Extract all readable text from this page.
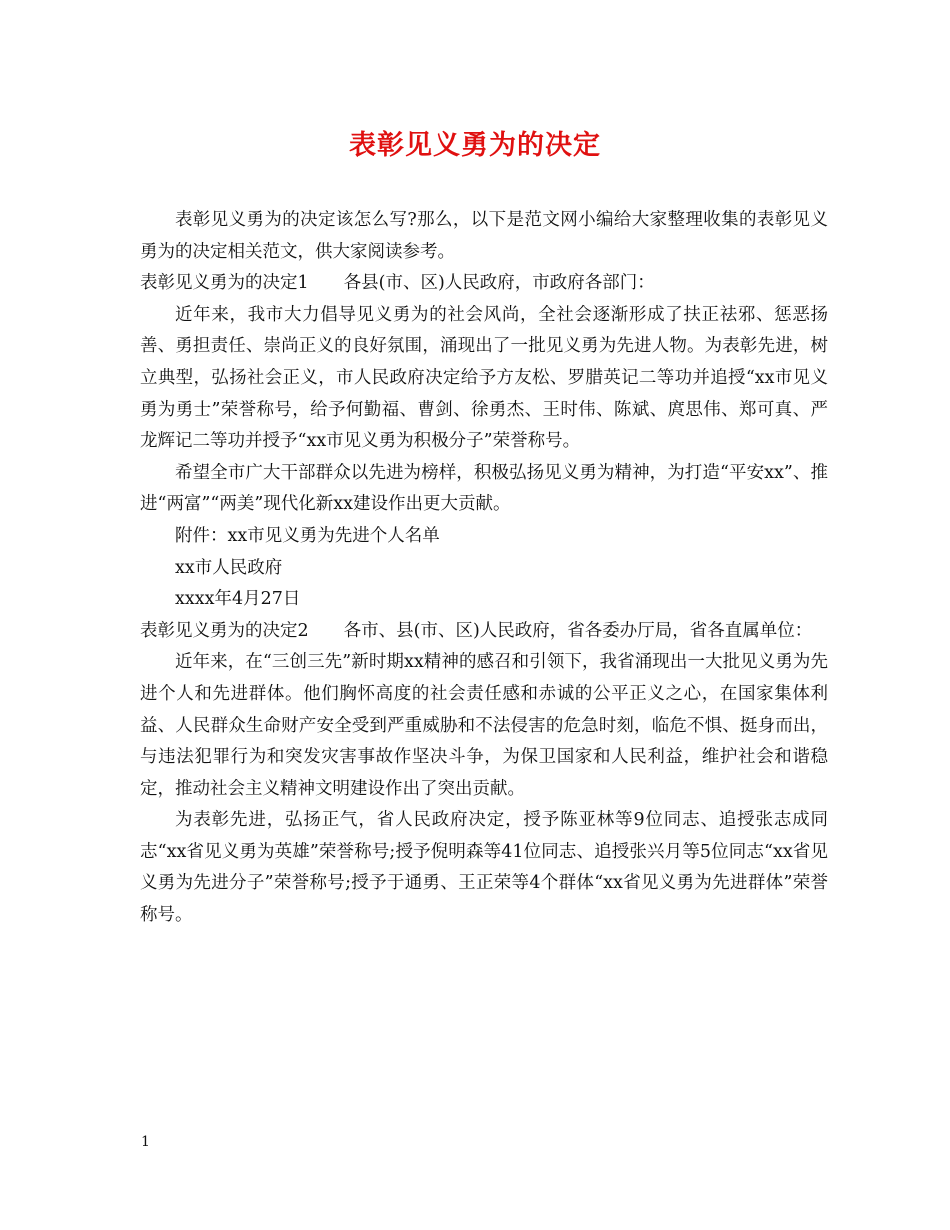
表彰见义勇为的决定

表彰见义勇为的决定该怎么写?那么，以下是范文网小编给大家整理收集的表彰见义勇为的决定相关范文，供大家阅读参考。

表彰见义勇为的决定1　　各县(市、区)人民政府，市政府各部门：

近年来，我市大力倡导见义勇为的社会风尚，全社会逐渐形成了扶正祛邪、惩恶扬善、勇担责任、崇尚正义的良好氛围，涌现出了一批见义勇为先进人物。为表彰先进，树立典型，弘扬社会正义，市人民政府决定给予方友松、罗腊英记二等功并追授“xx市见义勇为勇士”荣誉称号，给予何勤福、曹剑、徐勇杰、王时伟、陈斌、庹思伟、郑可真、严龙辉记二等功并授予“xx市见义勇为积极分子”荣誉称号。

希望全市广大干部群众以先进为榜样，积极弘扬见义勇为精神，为打造“平安xx”、推进“两富”“两美”现代化新xx建设作出更大贡献。

附件：xx市见义勇为先进个人名单

xx市人民政府

xxxx年4月27日

表彰见义勇为的决定2　　各市、县(市、区)人民政府，省各委办厅局，省各直属单位：

近年来，在“三创三先”新时期xx精神的感召和引领下，我省涌现出一大批见义勇为先进个人和先进群体。他们胸怀高度的社会责任感和赤诚的公平正义之心，在国家集体利益、人民群众生命财产安全受到严重威胁和不法侵害的危急时刻，临危不惧、挺身而出，与违法犯罪行为和突发灾害事故作坚决斗争，为保卫国家和人民利益，维护社会和谐稳定，推动社会主义精神文明建设作出了突出贡献。

为表彰先进，弘扬正气，省人民政府决定，授予陈亚林等9位同志、追授张志成同志“xx省见义勇为英雄”荣誉称号;授予倪明森等41位同志、追授张兴月等5位同志“xx省见义勇为先进分子”荣誉称号;授予于通勇、王正荣等4个群体“xx省见义勇为先进群体”荣誉称号。

1
